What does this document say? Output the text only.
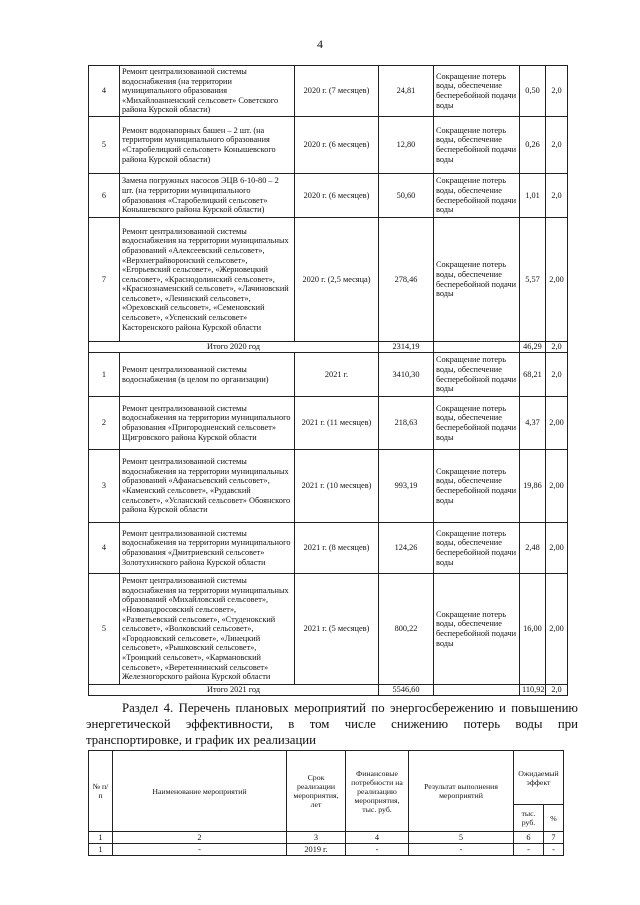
4
4	Ремонт централизованной системы водоснабжения (на территории муниципального образования «Михайлоанненский сельсовет» Советского района Курской области)	2020 г. (7 месяцев)	24,81	Сокращение потерь воды, обеспечение бесперебойной подачи воды	0,50	2,0
5	Ремонт водонапорных башен – 2 шт. (на территории муниципального образования «Старобелицкий сельсовет» Конышевского района Курской области)	2020 г. (6 месяцев)	12,80	Сокращение потерь воды, обеспечение бесперебойной подачи воды	0,26	2,0
6	Замена погружных насосов ЭЦВ 6-10-80 – 2 шт. (на территории муниципального образования «Старобелицкий сельсовет» Конышевского района Курской области)	2020 г. (6 месяцев)	50,60	Сокращение потерь воды, обеспечение бесперебойной подачи воды	1,01	2,0
7	Ремонт централизованной системы водоснабжения на территории муниципальных образований «Алексеевский сельсовет», «Верхнеграйворонский сельсовет», «Егорьевский сельсовет», «Жерновецкий сельсовет», «Краснодолинский сельсовет», «Краснознаменский сельсовет», «Лачиновский сельсовет», «Ленинский сельсовет», «Ореховский сельсовет», «Семеновский сельсовет», «Успенский сельсовет» Касторенского района Курской области	2020 г. (2,5 месяца)	278,46	Сокращение потерь воды, обеспечение бесперебойной подачи воды	5,57	2,00
Итого 2020 год			2314,19		46,29	2,0
1	Ремонт централизованной системы водоснабжения (в целом по организации)	2021 г.	3410,30	Сокращение потерь воды, обеспечение бесперебойной подачи воды	68,21	2,0
2	Ремонт централизованной системы водоснабжения на территории муниципального образования «Пригородненский сельсовет» Щигровского района Курской области	2021 г. (11 месяцев)	218,63	Сокращение потерь воды, обеспечение бесперебойной подачи воды	4,37	2,00
3	Ремонт централизованной системы водоснабжения на территории муниципальных образований «Афанасьевский сельсовет», «Каменский сельсовет», «Рудавский сельсовет», «Усланский сельсовет» Обоянского района Курской области	2021 г. (10 месяцев)	993,19	Сокращение потерь воды, обеспечение бесперебойной подачи воды	19,86	2,00
4	Ремонт централизованной системы водоснабжения на территории муниципального образования «Дмитриевский сельсовет» Золотухинского района Курской области	2021 г. (8 месяцев)	124,26	Сокращение потерь воды, обеспечение бесперебойной подачи воды	2,48	2,00
5	Ремонт централизованной системы водоснабжения на территории муниципальных образований «Михайловский сельсовет», «Новоандросовский сельсовет», «Разветьевский сельсовет», «Студенокский сельсовет», «Волковский сельсовет», «Городновский сельсовет», «Линецкий сельсовет», «Рышковский сельсовет», «Троицкий сельсовет», «Кармановский сельсовет», «Веретеннинский сельсовет» Железногорского района Курской области	2021 г. (5 месяцев)	800,22	Сокращение потерь воды, обеспечение бесперебойной подачи воды	16,00	2,00
Итого 2021 год			5546,60		110,92	2,0
Раздел 4. Перечень плановых мероприятий по энергосбережению и повышению энергетической эффективности, в том числе снижению потерь воды при транспортировке, и график их реализации
№ п/ п	Наименование мероприятий	Срок реализации мероприятия, лет	Финансовые потребности на реализацию мероприятия, тыс. руб.	Результат выполнения мероприятий	Ожидаемый эффект	
					тыс. руб.	%
1	2	3	4	5	6	7
1	-	2019 г.	-	-	-	-
